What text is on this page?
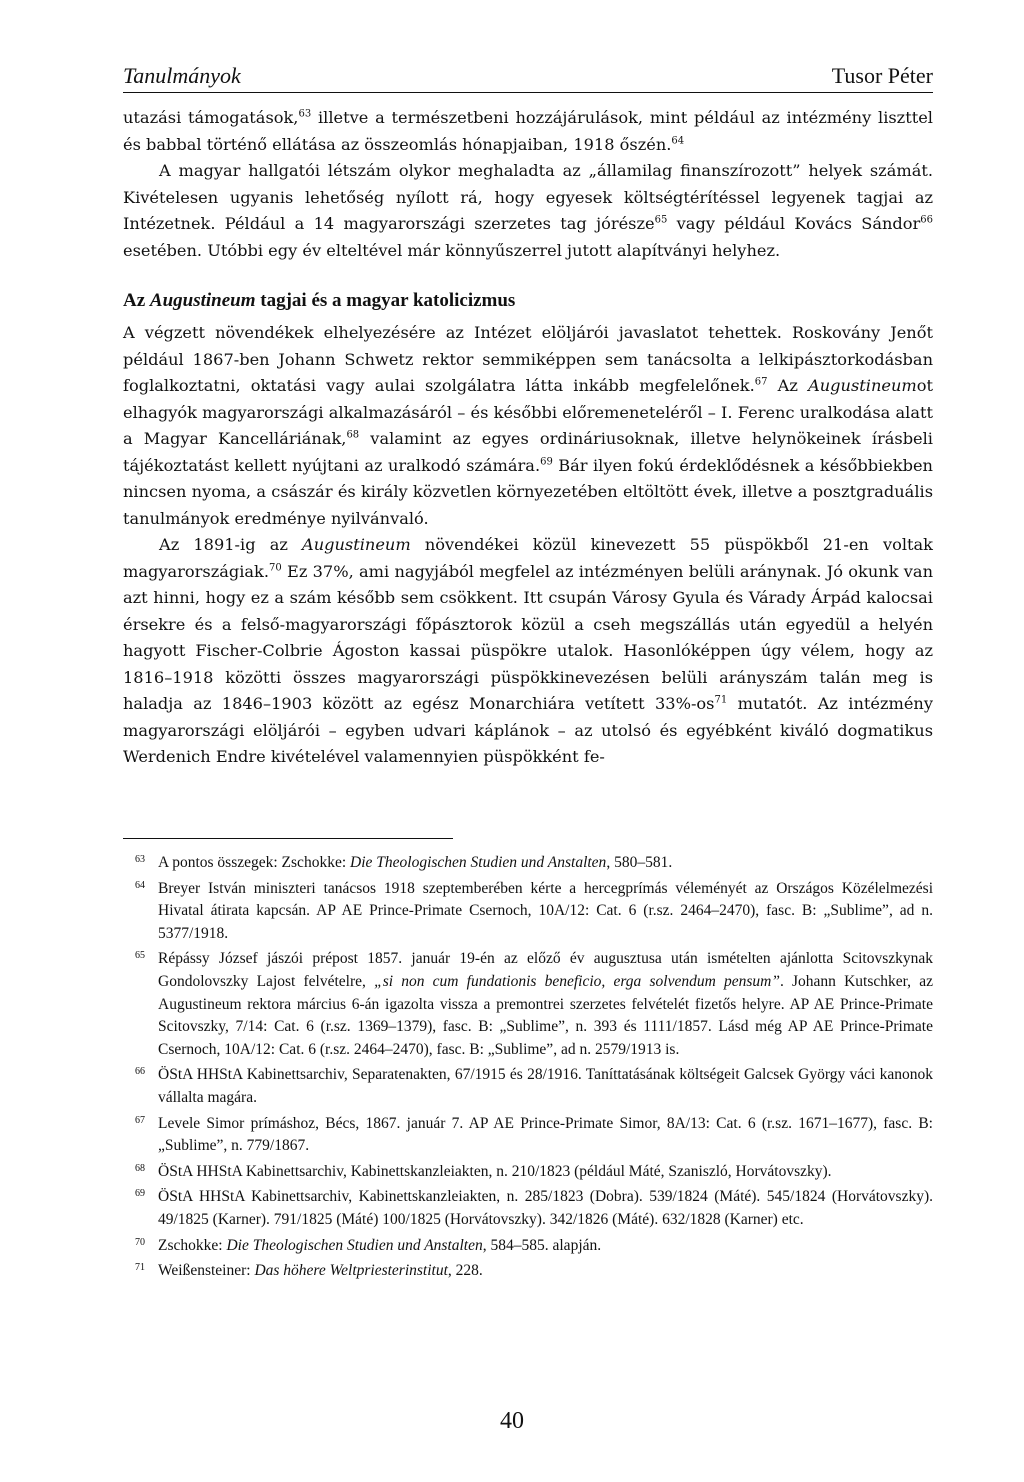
Tanulmányok	Tusor Péter

utazási támogatások,$^{63}$ illetve a természetbeni hozzájárulások, mint például az intézmény liszttel és babbal történő ellátása az összeomlás hónapjaiban, 1918 őszén.$^{64}$

A magyar hallgatói létszám olykor meghaladta az „államilag finanszírozott” helyek számát. Kivételesen ugyanis lehetőség nyílott rá, hogy egyesek költségtérítéssel legyenek tagjai az Intézetnek. Például a 14 magyarországi szerzetes tag jórésze$^{65}$ vagy például Kovács Sándor$^{66}$ esetében. Utóbbi egy év elteltével már könnyűszerrel jutott alapítványi helyhez.

Az Augustineum tagjai és a magyar katolicizmus

A végzett növendékek elhelyezésére az Intézet elöljárói javaslatot tehettek. Roskovány Jenőt például 1867-ben Johann Schwetz rektor semmiképpen sem tanácsolta a lelkipásztorkodásban foglalkoztatni, oktatási vagy aulai szolgálatra látta inkább megfelelőnek.$^{67}$ Az Augustineumot elhagyók magyarországi alkalmazásáról – és későbbi előremeneteléről – I. Ferenc uralkodása alatt a Magyar Kancelláriának,$^{68}$ valamint az egyes ordináriusoknak, illetve helynökeinek írásbeli tájékoztatást kellett nyújtani az uralkodó számára.$^{69}$ Bár ilyen fokú érdeklődésnek a későbbiekben nincsen nyoma, a császár és király közvetlen környezetében eltöltött évek, illetve a posztgraduális tanulmányok eredménye nyilvánvaló.

Az 1891-ig az Augustineum növendékei közül kinevezett 55 püspökből 21-en voltak magyarországiak.$^{70}$ Ez 37%, ami nagyjából megfelel az intézményen belüli aránynak. Jó okunk van azt hinni, hogy ez a szám később sem csökkent. Itt csupán Városy Gyula és Várady Árpád kalocsai érsekre és a felső-magyarországi főpásztorok közül a cseh megszállás után egyedül a helyén hagyott Fischer-Colbrie Ágoston kassai püspökre utalok. Hasonlóképpen úgy vélem, hogy az 1816–1918 közötti összes magyarországi püspökkinevezésen belüli arányszám talán meg is haladja az 1846–1903 között az egész Monarchiára vetített $33\%-os^{71}$ mutatót. Az intézmény magyarországi elöljárói – egyben udvari káplánok – az utolsó és egyébként kiváló dogmatikus Werdenich Endre kivételével valamennyien püspökként fe-

63 A pontos összegek: Zschokke: Die Theologischen Studien und Anstalten, 580–581.
64 Breyer István miniszteri tanácsos 1918 szeptemberében kérte a hercegprímás véleményét az Országos Közélelmezési Hivatal átirata kapcsán. AP AE Prince-Primate Csernoch, 10A/12: Cat. 6 (r.sz. 2464–2470), fasc. B: „Sublime”, ad n. 5377/1918.
65 Répássy József jászói prépost 1857. január 19-én az előző év augusztusa után ismételten ajánlotta Scitovszkynak Gondolovszky Lajost felvételre, „si non cum fundationis beneficio, erga solvendum pensum”. Johann Kutschker, az Augustineum rektora március 6-án igazolta vissza a premontrei szerzetes felvételét fizetős helyre. AP AE Prince-Primate Scitovszky, 7/14: Cat. 6 (r.sz. 1369–1379), fasc. B: „Sublime”, n. 393 és 1111/1857. Lásd még AP AE Prince-Primate Csernoch, 10A/12: Cat. 6 (r.sz. 2464–2470), fasc. B: „Sublime”, ad n. 2579/1913 is.
66 ÖStA HHStA Kabinettsarchiv, Separatenakten, 67/1915 és 28/1916. Taníttatásának költségeit Galcsek György váci kanonok vállalta magára.
67 Levele Simor prímáshoz, Bécs, 1867. január 7. AP AE Prince-Primate Simor, 8A/13: Cat. 6 (r.sz. 1671–1677), fasc. B: „Sublime”, n. 779/1867.
68 ÖStA HHStA Kabinettsarchiv, Kabinettskanzleiakten, n. 210/1823 (például Máté, Szaniszló, Horvátovszky).
69 ÖStA HHStA Kabinettsarchiv, Kabinettskanzleiakten, n. 285/1823 (Dobra). 539/1824 (Máté). 545/1824 (Horvátovszky). 49/1825 (Karner). 791/1825 (Máté) 100/1825 (Horvátovszky). 342/1826 (Máté). 632/1828 (Karner) etc.
70 Zschokke: Die Theologischen Studien und Anstalten, 584–585. alapján.
71 Weißensteiner: Das höhere Weltpriesterinstitut, 228.
40
